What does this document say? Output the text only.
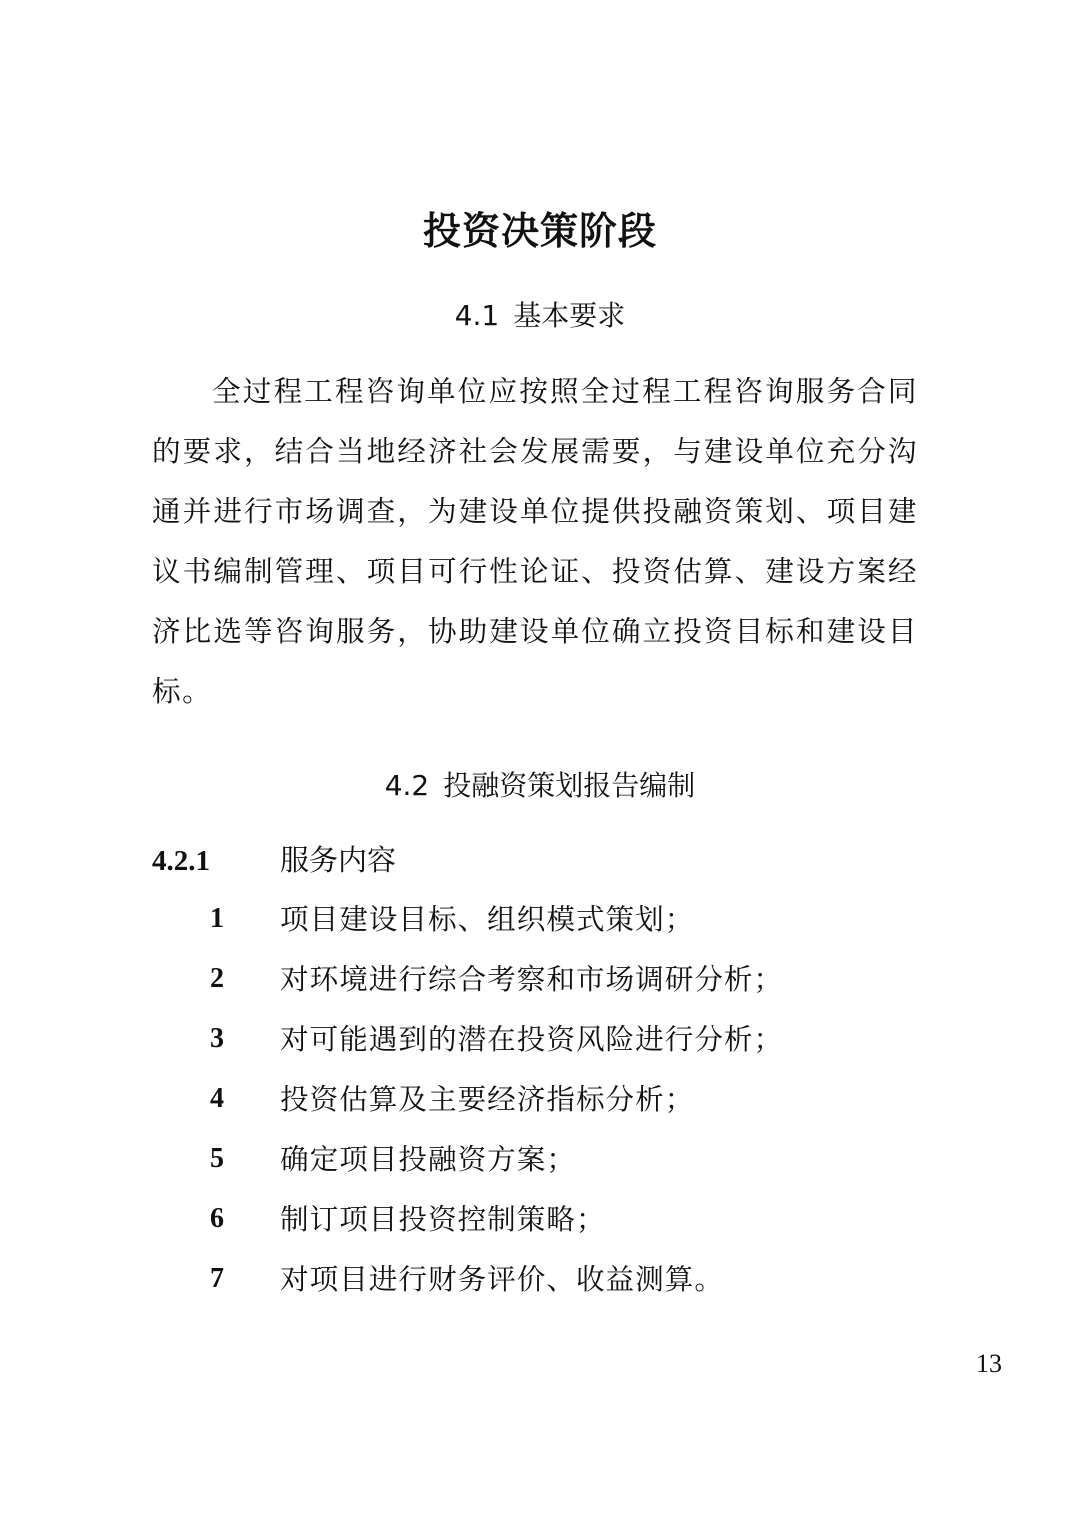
投资决策阶段
4.1 基本要求

全过程工程咨询单位应按照全过程工程咨询服务合同的要求，结合当地经济社会发展需要，与建设单位充分沟通并进行市场调查，为建设单位提供投融资策划、项目建议书编制管理、项目可行性论证、投资估算、建设方案经济比选等咨询服务，协助建设单位确立投资目标和建设目标。

4.2 投融资策划报告编制
4.2.1 服务内容
1 项目建设目标、组织模式策划；
2 对环境进行综合考察和市场调研分析；
3 对可能遇到的潜在投资风险进行分析；
4 投资估算及主要经济指标分析；
5 确定项目投融资方案；
6 制订项目投资控制策略；
7 对项目进行财务评价、收益测算。
13
